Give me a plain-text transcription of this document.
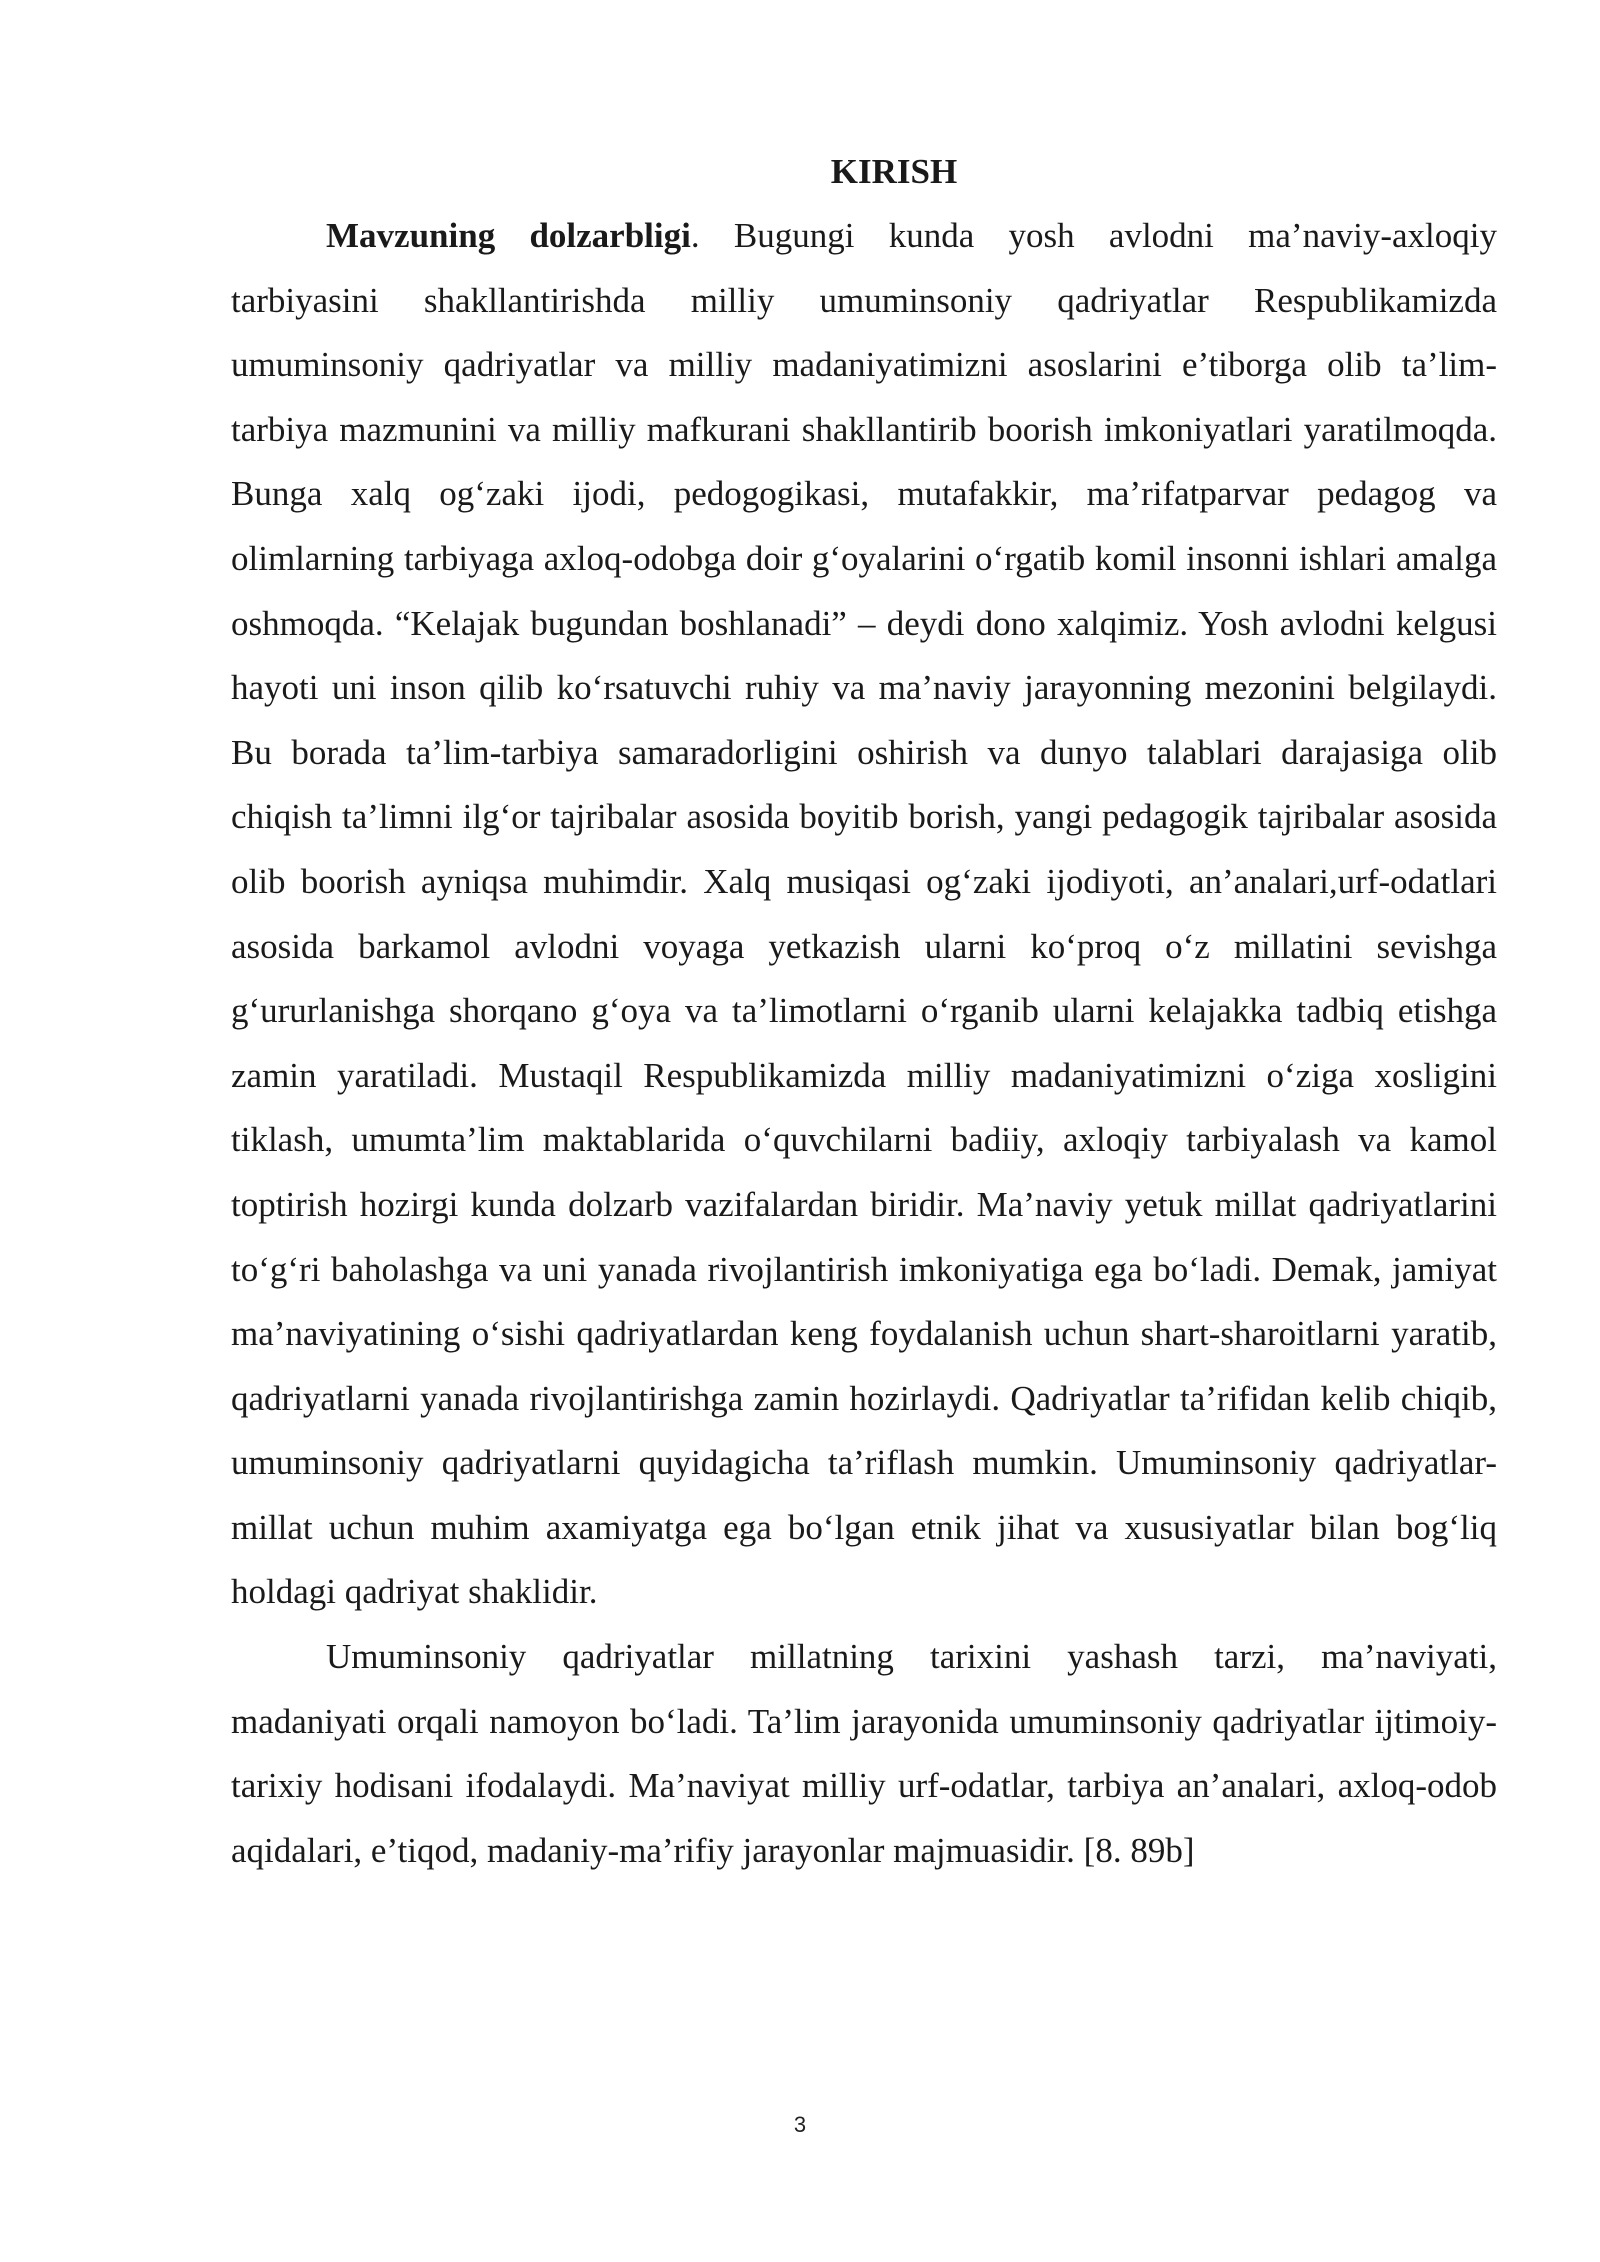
KIRISH

Mavzuning dolzarbligi. Bugungi kunda yosh avlodni ma’naviy-axloqiy tarbiyasini shakllantirishda milliy umuminsoniy qadriyatlar Respublikamizda umuminsoniy qadriyatlar va milliy madaniyatimizni asoslarini e’tiborga olib ta’lim-tarbiya mazmunini va milliy mafkurani shakllantirib boorish imkoniyatlari yaratilmoqda. Bunga xalq og‘zaki ijodi, pedogogikasi, mutafakkir, ma’rifatparvar pedagog va olimlarning tarbiyaga axloq-odobga doir g‘oyalarini o‘rgatib komil insonni ishlari amalga oshmoqda. “Kelajak bugundan boshlanadi” – deydi dono xalqimiz. Yosh avlodni kelgusi hayoti uni inson qilib ko‘rsatuvchi ruhiy va ma’naviy jarayonning mezonini belgilaydi. Bu borada ta’lim-tarbiya samaradorligini oshirish va dunyo talablari darajasiga olib chiqish ta’limni ilg‘or tajribalar asosida boyitib borish, yangi pedagogik tajribalar asosida olib boorish ayniqsa muhimdir. Xalq musiqasi og‘zaki ijodiyoti, an’analari,urf-odatlari asosida barkamol avlodni voyaga yetkazish ularni ko‘proq o‘z millatini sevishga g‘ururlanishga shorqano g‘oya va ta’limotlarni o‘rganib ularni kelajakka tadbiq etishga zamin yaratiladi. Mustaqil Respublikamizda milliy madaniyatimizni o‘ziga xosligini tiklash, umumta’lim maktablarida o‘quvchilarni badiiy, axloqiy tarbiyalash va kamol toptirish hozirgi kunda dolzarb vazifalardan biridir. Ma’naviy yetuk millat qadriyatlarini to‘g‘ri baholashga va uni yanada rivojlantirish imkoniyatiga ega bo‘ladi. Demak, jamiyat ma’naviyatining o‘sishi qadriyatlardan keng foydalanish uchun shart-sharoitlarni yaratib, qadriyatlarni yanada rivojlantirishga zamin hozirlaydi. Qadriyatlar ta’rifidan kelib chiqib, umuminsoniy qadriyatlarni quyidagicha ta’riflash mumkin. Umuminsoniy qadriyatlar-millat uchun muhim axamiyatga ega bo‘lgan etnik jihat va xususiyatlar bilan bog‘liq holdagi qadriyat shaklidir.

Umuminsoniy qadriyatlar millatning tarixini yashash tarzi, ma’naviyati, madaniyati orqali namoyon bo‘ladi. Ta’lim jarayonida umuminsoniy qadriyatlar ijtimoiy-tarixiy hodisani ifodalaydi. Ma’naviyat milliy urf-odatlar, tarbiya an’analari, axloq-odob aqidalari, e’tiqod, madaniy-ma’rifiy jarayonlar majmuasidir. [8. 89b]

3
